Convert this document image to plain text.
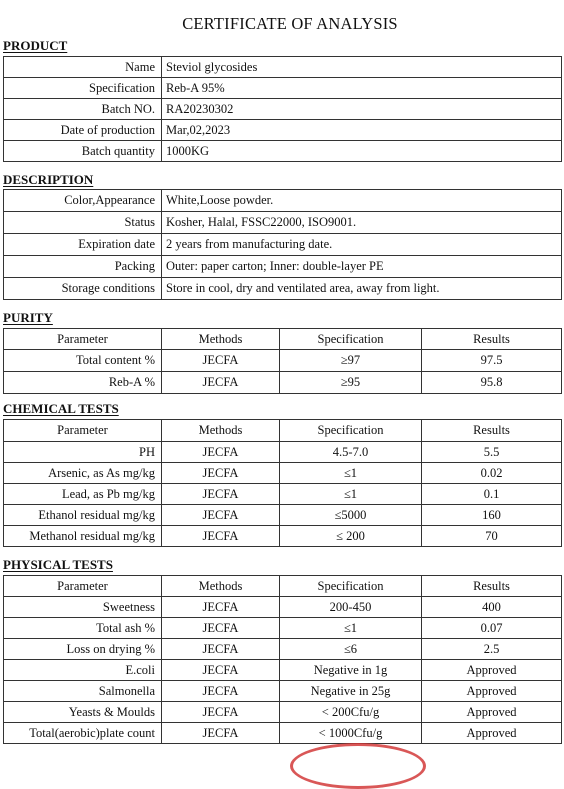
CERTIFICATE OF ANALYSIS
PRODUCT
Name	Steviol glycosides
Specification	Reb-A 95%
Batch NO.	RA20230302
Date of production	Mar,02,2023
Batch quantity	1000KG
DESCRIPTION
Color,Appearance	White,Loose powder.
Status	Kosher, Halal, FSSC22000, ISO9001.
Expiration date	2 years from manufacturing date.
Packing	Outer: paper carton; Inner: double-layer PE
Storage conditions	Store in cool, dry and ventilated area, away from light.
PURITY
Parameter	Methods	Specification	Results
Total content %	JECFA	≥97	97.5
Reb-A %	JECFA	≥95	95.8
CHEMICAL TESTS
Parameter	Methods	Specification	Results
PH	JECFA	4.5-7.0	5.5
Arsenic, as As mg/kg	JECFA	≤1	0.02
Lead, as Pb mg/kg	JECFA	≤1	0.1
Ethanol residual mg/kg	JECFA	≤5000	160
Methanol residual mg/kg	JECFA	≤ 200	70
PHYSICAL TESTS
Parameter	Methods	Specification	Results
Sweetness	JECFA	200-450	400
Total ash %	JECFA	≤1	0.07
Loss on drying %	JECFA	≤6	2.5
E.coli	JECFA	Negative in 1g	Approved
Salmonella	JECFA	Negative in 25g	Approved
Yeasts & Moulds	JECFA	< 200Cfu/g	Approved
Total(aerobic)plate count	JECFA	< 1000Cfu/g	Approved
